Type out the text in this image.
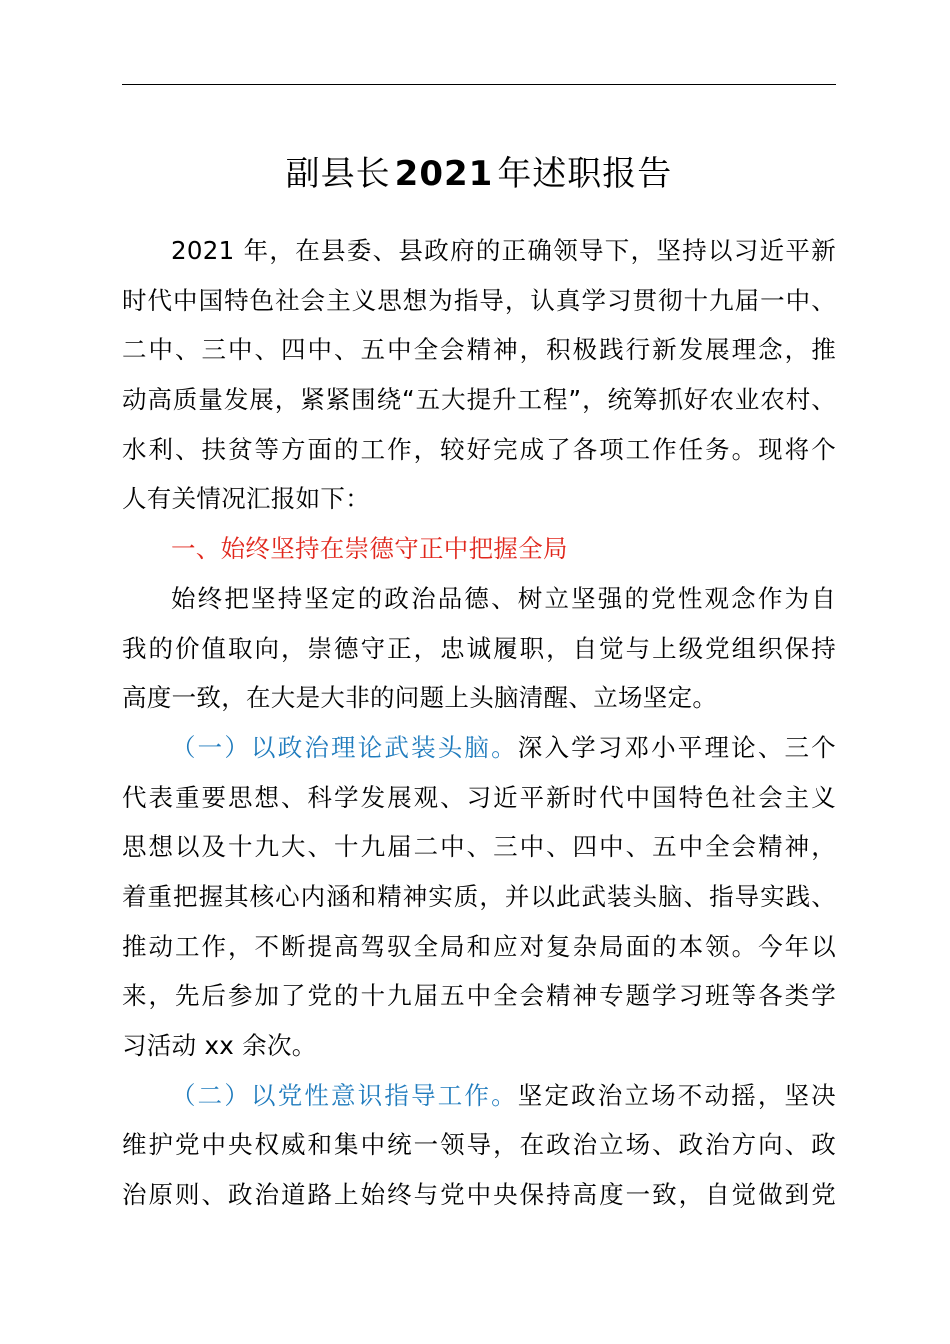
副县长 2021 年述职报告
2021 年，在县委、县政府的正确领导下，坚持以习近平新
时代中国特色社会主义思想为指导，认真学习贯彻十九届一中、
二中、三中、四中、五中全会精神，积极践行新发展理念，推
动高质量发展，紧紧围绕“五大提升工程”，统筹抓好农业农村、
水利、扶贫等方面的工作，较好完成了各项工作任务。现将个
人有关情况汇报如下：
一、始终坚持在崇德守正中把握全局
始终把坚持坚定的政治品德、树立坚强的党性观念作为自
我的价值取向，崇德守正，忠诚履职，自觉与上级党组织保持
高度一致，在大是大非的问题上头脑清醒、立场坚定。
（一）以政治理论武装头脑。深入学习邓小平理论、三个
代表重要思想、科学发展观、习近平新时代中国特色社会主义
思想以及十九大、十九届二中、三中、四中、五中全会精神，
着重把握其核心内涵和精神实质，并以此武装头脑、指导实践、
推动工作，不断提高驾驭全局和应对复杂局面的本领。今年以
来，先后参加了党的十九届五中全会精神专题学习班等各类学
习活动 xx 余次。
（二）以党性意识指导工作。坚定政治立场不动摇，坚决
维护党中央权威和集中统一领导，在政治立场、政治方向、政
治原则、政治道路上始终与党中央保持高度一致，自觉做到党
